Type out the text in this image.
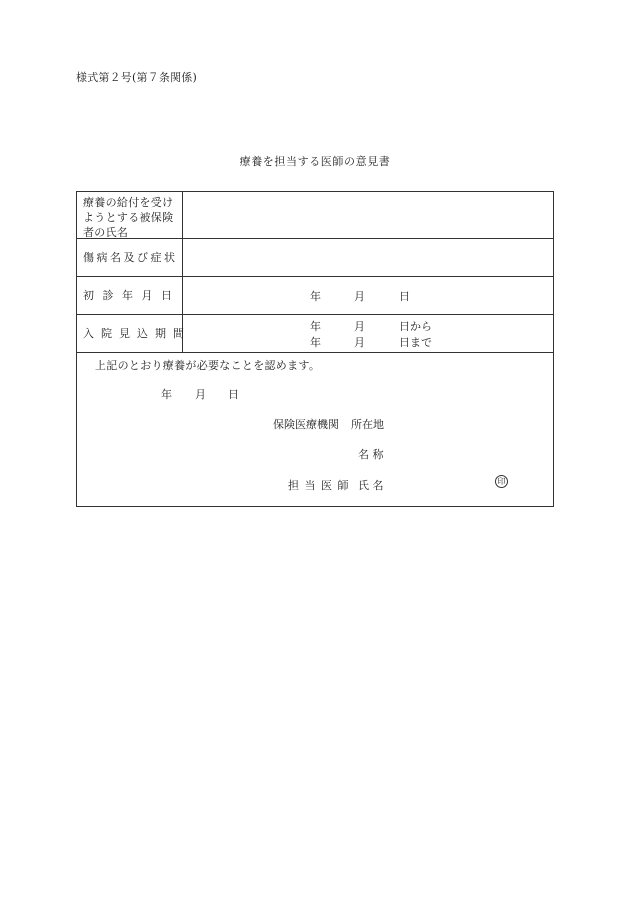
様式第２号(第７条関係)
療養を担当する医師の意見書
療養の給付を受け
ようとする被保険
者の氏名
傷病名及び症状
初 診 年 月 日	年	月	日
入院見込期間
年	月	日から
年	月	日まで
上記のとおり療養が必要なことを認めます。
年 月 日
保険医療機関 所在地
名 称
担 当 医 師 氏 名	印
